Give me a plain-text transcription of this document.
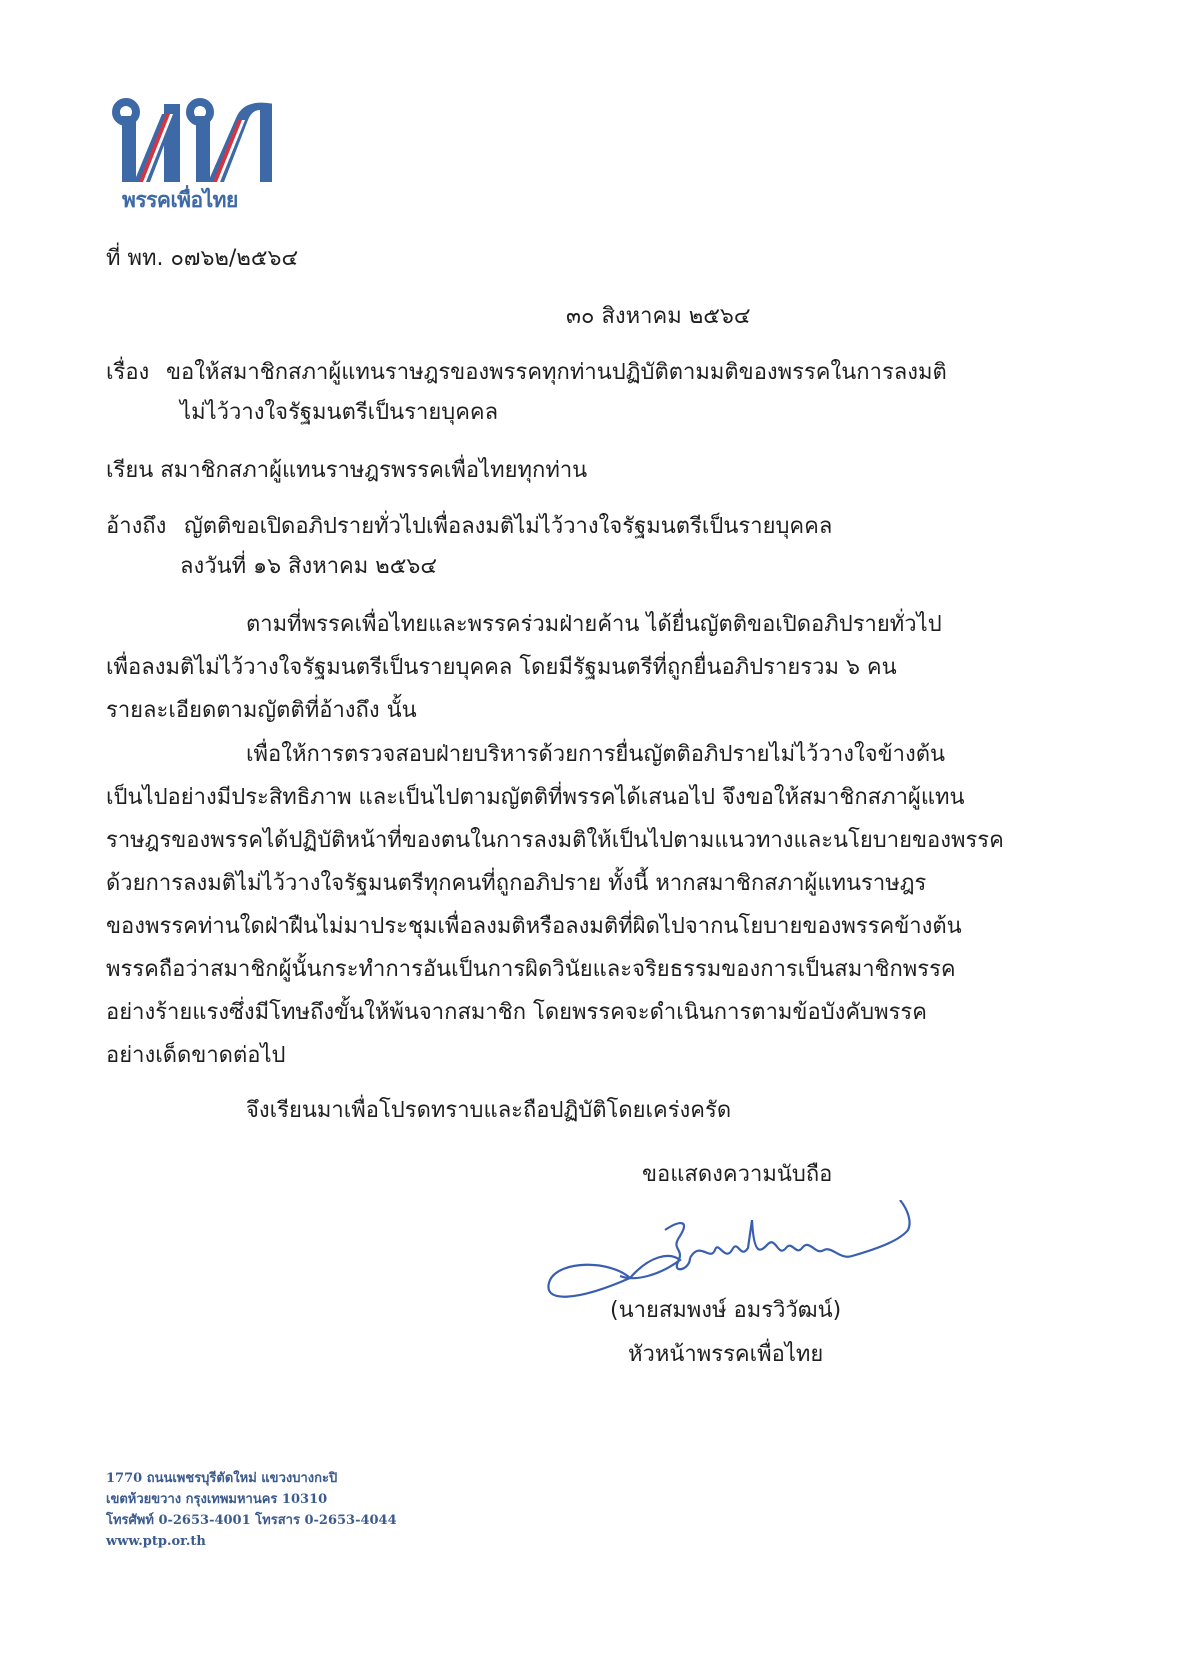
พรรคเพื่อไทย
ที่ พท. ๐๗๖๒/๒๕๖๔
๓๐ สิงหาคม ๒๕๖๔
เรื่อง ขอให้สมาชิกสภาผู้แทนราษฎรของพรรคทุกท่านปฏิบัติตามมติของพรรคในการลงมติ
ไม่ไว้วางใจรัฐมนตรีเป็นรายบุคคล
เรียน สมาชิกสภาผู้แทนราษฎรพรรคเพื่อไทยทุกท่าน
อ้างถึง ญัตติขอเปิดอภิปรายทั่วไปเพื่อลงมติไม่ไว้วางใจรัฐมนตรีเป็นรายบุคคล
ลงวันที่ ๑๖ สิงหาคม ๒๕๖๔
ตามที่พรรคเพื่อไทยและพรรคร่วมฝ่ายค้าน ได้ยื่นญัตติขอเปิดอภิปรายทั่วไป
เพื่อลงมติไม่ไว้วางใจรัฐมนตรีเป็นรายบุคคล โดยมีรัฐมนตรีที่ถูกยื่นอภิปรายรวม ๖ คน
รายละเอียดตามญัตติที่อ้างถึง นั้น
เพื่อให้การตรวจสอบฝ่ายบริหารด้วยการยื่นญัตติอภิปรายไม่ไว้วางใจข้างต้น
เป็นไปอย่างมีประสิทธิภาพ และเป็นไปตามญัตติที่พรรคได้เสนอไป จึงขอให้สมาชิกสภาผู้แทน
ราษฎรของพรรคได้ปฏิบัติหน้าที่ของตนในการลงมติให้เป็นไปตามแนวทางและนโยบายของพรรค
ด้วยการลงมติไม่ไว้วางใจรัฐมนตรีทุกคนที่ถูกอภิปราย ทั้งนี้ หากสมาชิกสภาผู้แทนราษฎร
ของพรรคท่านใดฝ่าฝืนไม่มาประชุมเพื่อลงมติหรือลงมติที่ผิดไปจากนโยบายของพรรคข้างต้น
พรรคถือว่าสมาชิกผู้นั้นกระทำการอันเป็นการผิดวินัยและจริยธรรมของการเป็นสมาชิกพรรค
อย่างร้ายแรงซึ่งมีโทษถึงขั้นให้พ้นจากสมาชิก โดยพรรคจะดำเนินการตามข้อบังคับพรรค
อย่างเด็ดขาดต่อไป
จึงเรียนมาเพื่อโปรดทราบและถือปฏิบัติโดยเคร่งครัด
ขอแสดงความนับถือ
(นายสมพงษ์ อมรวิวัฒน์)
หัวหน้าพรรคเพื่อไทย
1770 ถนนเพชรบุรีตัดใหม่ แขวงบางกะปิ
เขตห้วยขวาง กรุงเทพมหานคร 10310
โทรศัพท์ 0-2653-4001 โทรสาร 0-2653-4044
www.ptp.or.th
